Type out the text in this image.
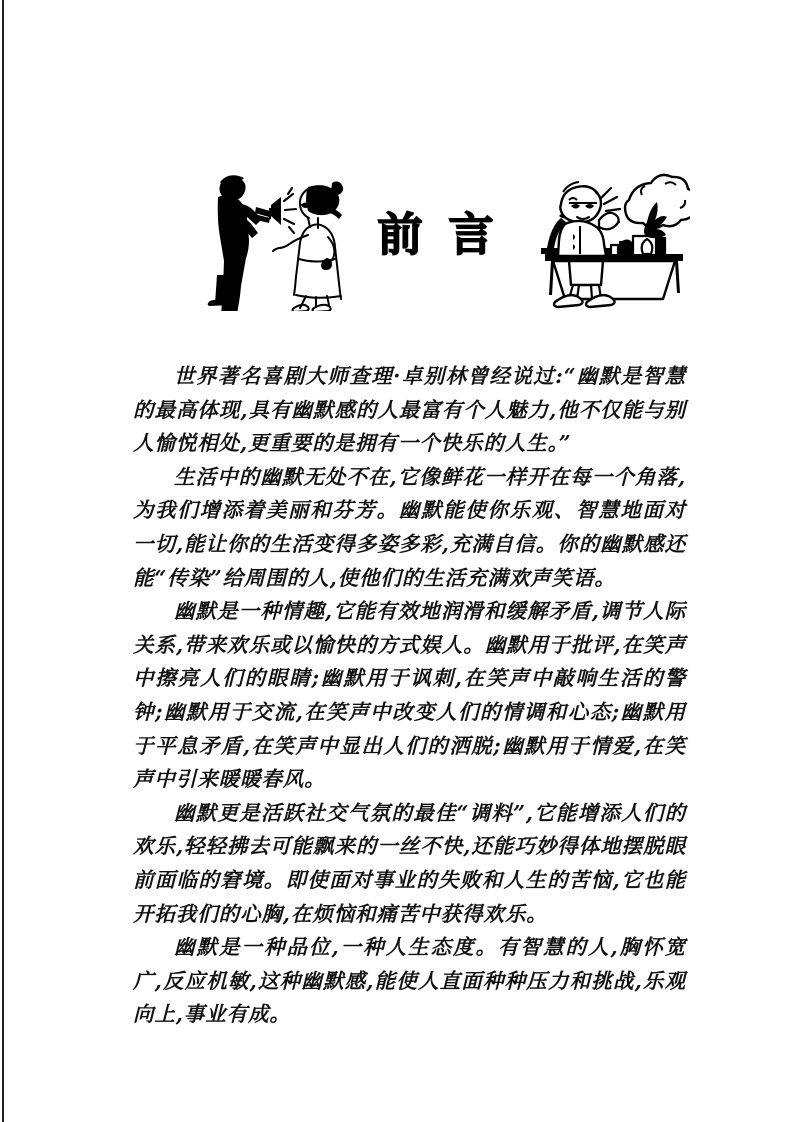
前言

世界著名喜剧大师查理·卓别林曾经说过:“幽默是智慧的最高体现,具有幽默感的人最富有个人魅力,他不仅能与别人愉悦相处,更重要的是拥有一个快乐的人生。”

生活中的幽默无处不在,它像鲜花一样开在每一个角落,为我们增添着美丽和芬芳。幽默能使你乐观、智慧地面对一切,能让你的生活变得多姿多彩,充满自信。你的幽默感还能“传染”给周围的人,使他们的生活充满欢声笑语。

幽默是一种情趣,它能有效地润滑和缓解矛盾,调节人际关系,带来欢乐或以愉快的方式娱人。幽默用于批评,在笑声中擦亮人们的眼睛;幽默用于讽刺,在笑声中敲响生活的警钟;幽默用于交流,在笑声中改变人们的情调和心态;幽默用于平息矛盾,在笑声中显出人们的洒脱;幽默用于情爱,在笑声中引来暖暖春风。

幽默更是活跃社交气氛的最佳“调料”,它能增添人们的欢乐,轻轻拂去可能飘来的一丝不快,还能巧妙得体地摆脱眼前面临的窘境。即使面对事业的失败和人生的苦恼,它也能开拓我们的心胸,在烦恼和痛苦中获得欢乐。

幽默是一种品位,一种人生态度。有智慧的人,胸怀宽广,反应机敏,这种幽默感,能使人直面种种压力和挑战,乐观向上,事业有成。
